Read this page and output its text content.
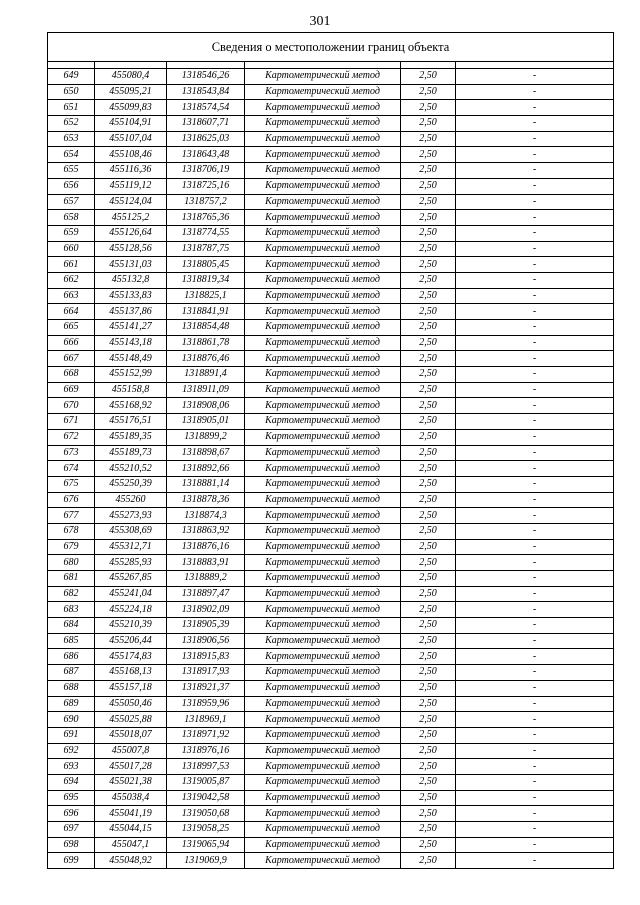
301
Сведения о местоположении границ объекта					

649	455080,4	1318546,26	Картометрический метод	2,50	-
650	455095,21	1318543,84	Картометрический метод	2,50	-
651	455099,83	1318574,54	Картометрический метод	2,50	-
652	455104,91	1318607,71	Картометрический метод	2,50	-
653	455107,04	1318625,03	Картометрический метод	2,50	-
654	455108,46	1318643,48	Картометрический метод	2,50	-
655	455116,36	1318706,19	Картометрический метод	2,50	-
656	455119,12	1318725,16	Картометрический метод	2,50	-
657	455124,04	1318757,2	Картометрический метод	2,50	-
658	455125,2	1318765,36	Картометрический метод	2,50	-
659	455126,64	1318774,55	Картометрический метод	2,50	-
660	455128,56	1318787,75	Картометрический метод	2,50	-
661	455131,03	1318805,45	Картометрический метод	2,50	-
662	455132,8	1318819,34	Картометрический метод	2,50	-
663	455133,83	1318825,1	Картометрический метод	2,50	-
664	455137,86	1318841,91	Картометрический метод	2,50	-
665	455141,27	1318854,48	Картометрический метод	2,50	-
666	455143,18	1318861,78	Картометрический метод	2,50	-
667	455148,49	1318876,46	Картометрический метод	2,50	-
668	455152,99	1318891,4	Картометрический метод	2,50	-
669	455158,8	1318911,09	Картометрический метод	2,50	-
670	455168,92	1318908,06	Картометрический метод	2,50	-
671	455176,51	1318905,01	Картометрический метод	2,50	-
672	455189,35	1318899,2	Картометрический метод	2,50	-
673	455189,73	1318898,67	Картометрический метод	2,50	-
674	455210,52	1318892,66	Картометрический метод	2,50	-
675	455250,39	1318881,14	Картометрический метод	2,50	-
676	455260	1318878,36	Картометрический метод	2,50	-
677	455273,93	1318874,3	Картометрический метод	2,50	-
678	455308,69	1318863,92	Картометрический метод	2,50	-
679	455312,71	1318876,16	Картометрический метод	2,50	-
680	455285,93	1318883,91	Картометрический метод	2,50	-
681	455267,85	1318889,2	Картометрический метод	2,50	-
682	455241,04	1318897,47	Картометрический метод	2,50	-
683	455224,18	1318902,09	Картометрический метод	2,50	-
684	455210,39	1318905,39	Картометрический метод	2,50	-
685	455206,44	1318906,56	Картометрический метод	2,50	-
686	455174,83	1318915,83	Картометрический метод	2,50	-
687	455168,13	1318917,93	Картометрический метод	2,50	-
688	455157,18	1318921,37	Картометрический метод	2,50	-
689	455050,46	1318959,96	Картометрический метод	2,50	-
690	455025,88	1318969,1	Картометрический метод	2,50	-
691	455018,07	1318971,92	Картометрический метод	2,50	-
692	455007,8	1318976,16	Картометрический метод	2,50	-
693	455017,28	1318997,53	Картометрический метод	2,50	-
694	455021,38	1319005,87	Картометрический метод	2,50	-
695	455038,4	1319042,58	Картометрический метод	2,50	-
696	455041,19	1319050,68	Картометрический метод	2,50	-
697	455044,15	1319058,25	Картометрический метод	2,50	-
698	455047,1	1319065,94	Картометрический метод	2,50	-
699	455048,92	1319069,9	Картометрический метод	2,50	-
